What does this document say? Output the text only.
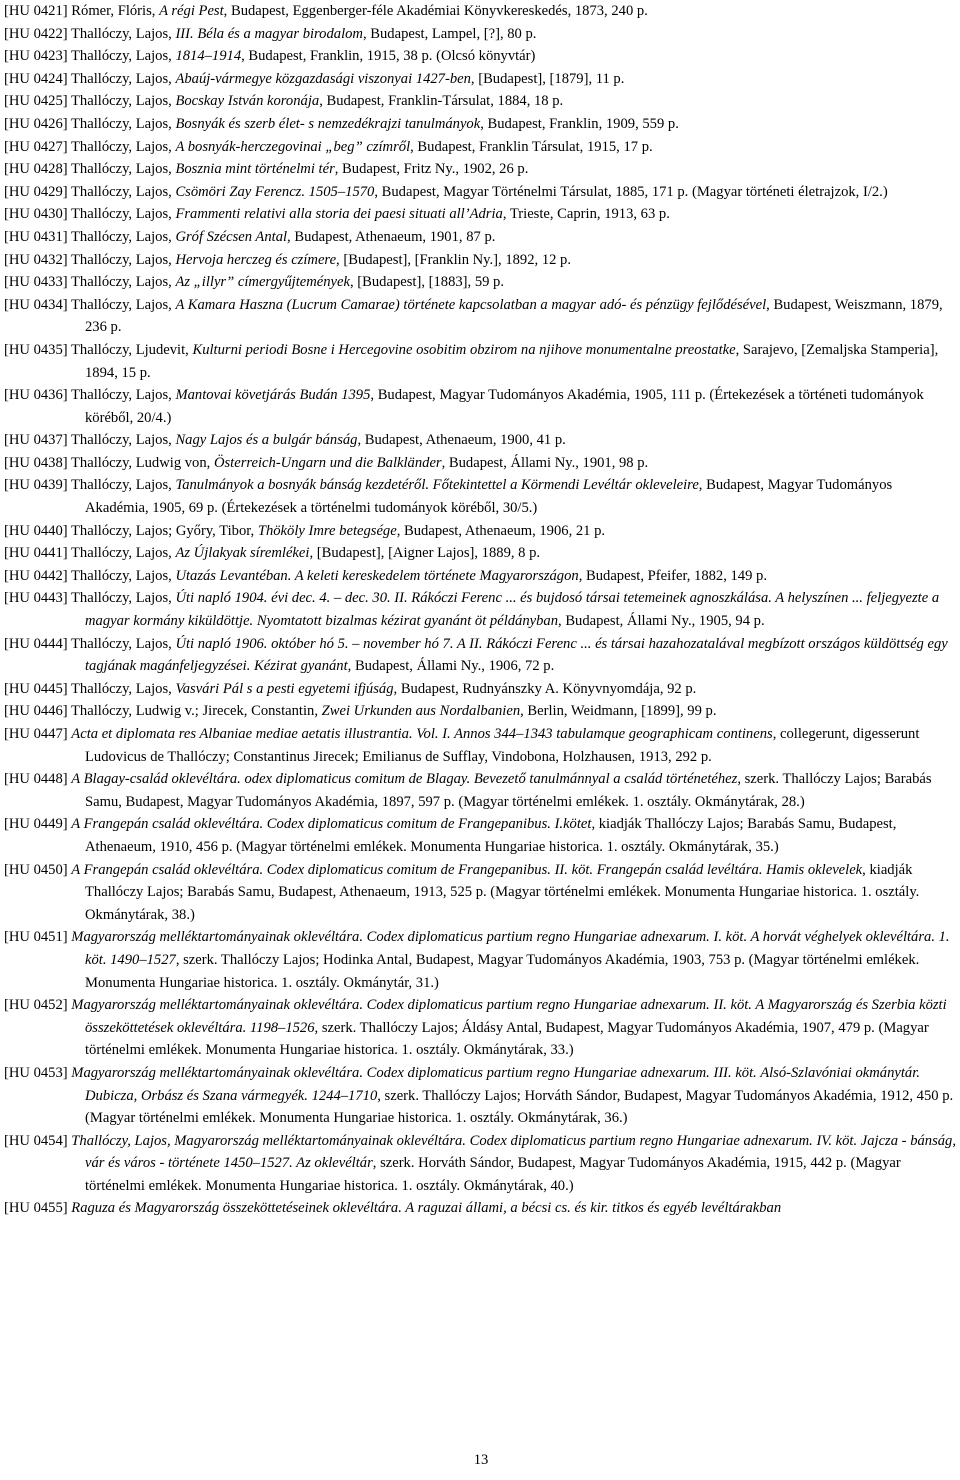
[HU 0421] Rómer, Flóris, A régi Pest, Budapest, Eggenberger-féle Akadémiai Könyvkereskedés, 1873, 240 p.
[HU 0422] Thallóczy, Lajos, III. Béla és a magyar birodalom, Budapest, Lampel, [?], 80 p.
[HU 0423] Thallóczy, Lajos, 1814–1914, Budapest, Franklin, 1915, 38 p. (Olcsó könyvtár)
[HU 0424] Thallóczy, Lajos, Abaúj-vármegye közgazdasági viszonyai 1427-ben, [Budapest], [1879], 11 p.
[HU 0425] Thallóczy, Lajos, Bocskay István koronája, Budapest, Franklin-Társulat, 1884, 18 p.
[HU 0426] Thallóczy, Lajos, Bosnyák és szerb élet- s nemzedékrajzi tanulmányok, Budapest, Franklin, 1909, 559 p.
[HU 0427] Thallóczy, Lajos, A bosnyák-herczegovinai „beg” czímről, Budapest, Franklin Társulat, 1915, 17 p.
[HU 0428] Thallóczy, Lajos, Bosznia mint történelmi tér, Budapest, Fritz Ny., 1902, 26 p.
[HU 0429] Thallóczy, Lajos, Csömöri Zay Ferencz. 1505–1570, Budapest, Magyar Történelmi Társulat, 1885, 171 p. (Magyar történeti életrajzok, I/2.)
[HU 0430] Thallóczy, Lajos, Frammenti relativi alla storia dei paesi situati all’Adria, Trieste, Caprin, 1913, 63 p.
[HU 0431] Thallóczy, Lajos, Gróf Szécsen Antal, Budapest, Athenaeum, 1901, 87 p.
[HU 0432] Thallóczy, Lajos, Hervoja herczeg és czímere, [Budapest], [Franklin Ny.], 1892, 12 p.
[HU 0433] Thallóczy, Lajos, Az „illyr” címergyűjtemények, [Budapest], [1883], 59 p.
[HU 0434] Thallóczy, Lajos, A Kamara Haszna (Lucrum Camarae) története kapcsolatban a magyar adó- és pénzügy fejlődésével, Budapest, Weiszmann, 1879, 236 p.
[HU 0435] Thallóczy, Ljudevit, Kulturni periodi Bosne i Hercegovine osobitim obzirom na njihove monumentalne preostatke, Sarajevo, [Zemaljska Stamperia], 1894, 15 p.
[HU 0436] Thallóczy, Lajos, Mantovai követjárás Budán 1395, Budapest, Magyar Tudományos Akadémia, 1905, 111 p. (Értekezések a történeti tudományok köréből, 20/4.)
[HU 0437] Thallóczy, Lajos, Nagy Lajos és a bulgár bánság, Budapest, Athenaeum, 1900, 41 p.
[HU 0438] Thallóczy, Ludwig von, Österreich-Ungarn und die Balkländer, Budapest, Állami Ny., 1901, 98 p.
[HU 0439] Thallóczy, Lajos, Tanulmányok a bosnyák bánság kezdetéről. Főtekintettel a Körmendi Levéltár okleveleire, Budapest, Magyar Tudományos Akadémia, 1905, 69 p. (Értekezések a történelmi tudományok köréből, 30/5.)
[HU 0440] Thallóczy, Lajos; Győry, Tibor, Thököly Imre betegsége, Budapest, Athenaeum, 1906, 21 p.
[HU 0441] Thallóczy, Lajos, Az Újlakyak síremlékei, [Budapest], [Aigner Lajos], 1889, 8 p.
[HU 0442] Thallóczy, Lajos, Utazás Levantéban. A keleti kereskedelem története Magyarországon, Budapest, Pfeifer, 1882, 149 p.
[HU 0443] Thallóczy, Lajos, Úti napló 1904. évi dec. 4. – dec. 30. II. Rákóczi Ferenc ... és bujdosó társai tetemeinek agnoszkálása. A helyszínen ... feljegyezte a magyar kormány kiküldöttje. Nyomtatott bizalmas kézirat gyanánt öt példányban, Budapest, Állami Ny., 1905, 94 p.
[HU 0444] Thallóczy, Lajos, Úti napló 1906. október hó 5. – november hó 7. A II. Rákóczi Ferenc ... és társai hazahozatalával megbízott országos küldöttség egy tagjának magánfeljegyzései. Kézirat gyanánt, Budapest, Állami Ny., 1906, 72 p.
[HU 0445] Thallóczy, Lajos, Vasvári Pál s a pesti egyetemi ifjúság, Budapest, Rudnyánszky A. Könyvnyomdája, 92 p.
[HU 0446] Thallóczy, Ludwig v.; Jirecek, Constantin, Zwei Urkunden aus Nordalbanien, Berlin, Weidmann, [1899], 99 p.
[HU 0447] Acta et diplomata res Albaniae mediae aetatis illustrantia. Vol. I. Annos 344–1343 tabulamque geographicam continens, collegerunt, digesserunt Ludovicus de Thallóczy; Constantinus Jirecek; Emilianus de Sufflay, Vindobona, Holzhausen, 1913, 292 p.
[HU 0448] A Blagay-család oklevéltára. odex diplomaticus comitum de Blagay. Bevezető tanulmánnyal a család történetéhez, szerk. Thallóczy Lajos; Barabás Samu, Budapest, Magyar Tudományos Akadémia, 1897, 597 p. (Magyar történelmi emlékek. 1. osztály. Okmánytárak, 28.)
[HU 0449] A Frangepán család oklevéltára. Codex diplomaticus comitum de Frangepanibus. I.kötet, kiadják Thallóczy Lajos; Barabás Samu, Budapest, Athenaeum, 1910, 456 p. (Magyar történelmi emlékek. Monumenta Hungariae historica. 1. osztály. Okmánytárak, 35.)
[HU 0450] A Frangepán család oklevéltára. Codex diplomaticus comitum de Frangepanibus. II. köt. Frangepán család levéltára. Hamis oklevelek, kiadják Thallóczy Lajos; Barabás Samu, Budapest, Athenaeum, 1913, 525 p. (Magyar történelmi emlékek. Monumenta Hungariae historica. 1. osztály. Okmánytárak, 38.)
[HU 0451] Magyarország melléktartományainak oklevéltára. Codex diplomaticus partium regno Hungariae adnexarum. I. köt. A horvát véghelyek oklevéltára. 1. köt. 1490–1527, szerk. Thallóczy Lajos; Hodinka Antal, Budapest, Magyar Tudományos Akadémia, 1903, 753 p. (Magyar történelmi emlékek. Monumenta Hungariae historica. 1. osztály. Okmánytár, 31.)
[HU 0452] Magyarország melléktartományainak oklevéltára. Codex diplomaticus partium regno Hungariae adnexarum. II. köt. A Magyarország és Szerbia közti összeköttetések oklevéltára. 1198–1526, szerk. Thallóczy Lajos; Áldásy Antal, Budapest, Magyar Tudományos Akadémia, 1907, 479 p. (Magyar történelmi emlékek. Monumenta Hungariae historica. 1. osztály. Okmánytárak, 33.)
[HU 0453] Magyarország melléktartományainak oklevéltára. Codex diplomaticus partium regno Hungariae adnexarum. III. köt. Alsó-Szlavóniai okmánytár. Dubicza, Orbász és Szana vármegyék. 1244–1710, szerk. Thallóczy Lajos; Horváth Sándor, Budapest, Magyar Tudományos Akadémia, 1912, 450 p. (Magyar történelmi emlékek. Monumenta Hungariae historica. 1. osztály. Okmánytárak, 36.)
[HU 0454] Thallóczy, Lajos, Magyarország melléktartományainak oklevéltára. Codex diplomaticus partium regno Hungariae adnexarum. IV. köt. Jajcza - bánság, vár és város - története 1450–1527. Az oklevéltár, szerk. Horváth Sándor, Budapest, Magyar Tudományos Akadémia, 1915, 442 p. (Magyar történelmi emlékek. Monumenta Hungariae historica. 1. osztály. Okmánytárak, 40.)
[HU 0455] Raguza és Magyarország összeköttetéseinek oklevéltára. A raguzai állami, a bécsi cs. és kir. titkos és egyéb levéltárakban
13
